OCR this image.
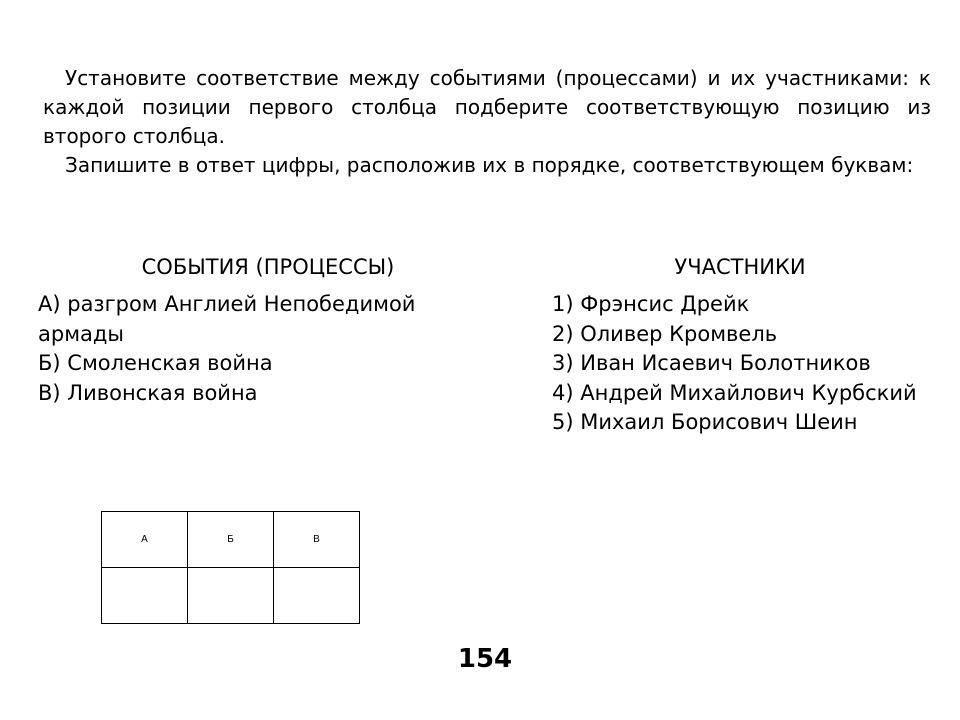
Установите соответствие между событиями (процессами) и их участниками: к каждой позиции первого столбца подберите соответствующую позицию из второго столбца.

Запишите в ответ цифры, расположив их в порядке, соответствующем буквам:

СОБЫТИЯ (ПРОЦЕССЫ)	УЧАСТНИКИ
А) разгром Англией Непобедимой армады
Б) Смоленская война
В) Ливонская война
1) Фрэнсис Дрейк
2) Оливер Кромвель
3) Иван Исаевич Болотников
4) Андрей Михайлович Курбский
5) Михаил Борисович Шеин
А	Б	В

154
